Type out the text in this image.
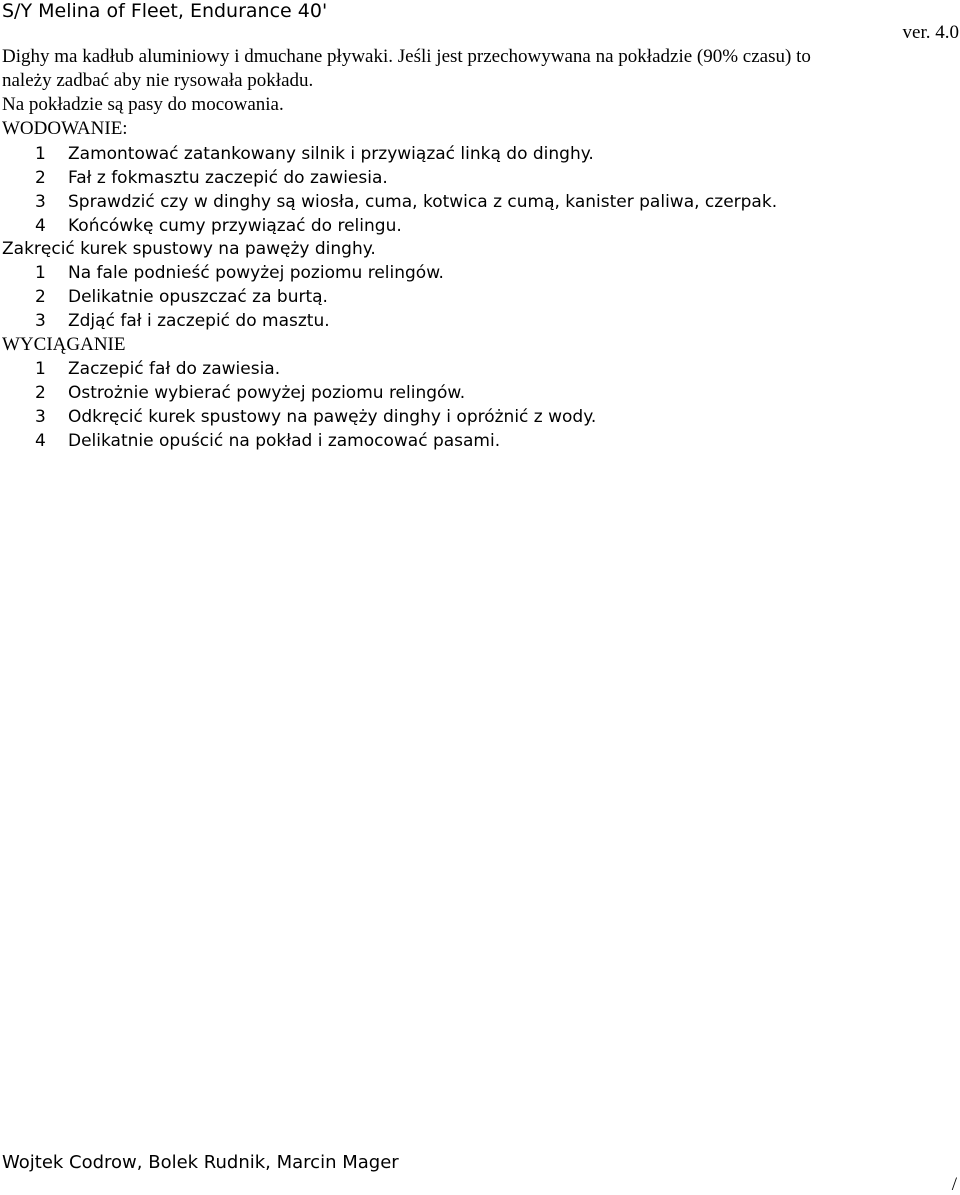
S/Y Melina of Fleet, Endurance 40'
ver. 4.0
Dighy ma kadłub aluminiowy i dmuchane pływaki. Jeśli jest przechowywana na pokładzie (90% czasu) to
należy zadbać aby nie rysowała pokładu.
Na pokładzie są pasy do mocowania.
WODOWANIE:
1 Zamontować zatankowany silnik i przywiązać linką do dinghy.
2 Fał z fokmasztu zaczepić do zawiesia.
3 Sprawdzić czy w dinghy są wiosła, cuma, kotwica z cumą, kanister paliwa, czerpak.
4 Końcówkę cumy przywiązać do relingu.
Zakręcić kurek spustowy na pawęży dinghy.
1 Na fale podnieść powyżej poziomu relingów.
2 Delikatnie opuszczać za burtą.
3 Zdjąć fał i zaczepić do masztu.
WYCIĄGANIE
1 Zaczepić fał do zawiesia.
2 Ostrożnie wybierać powyżej poziomu relingów.
3 Odkręcić kurek spustowy na pawęży dinghy i opróżnić z wody.
4 Delikatnie opuścić na pokład i zamocować pasami.
Wojtek Codrow, Bolek Rudnik, Marcin Mager
/
